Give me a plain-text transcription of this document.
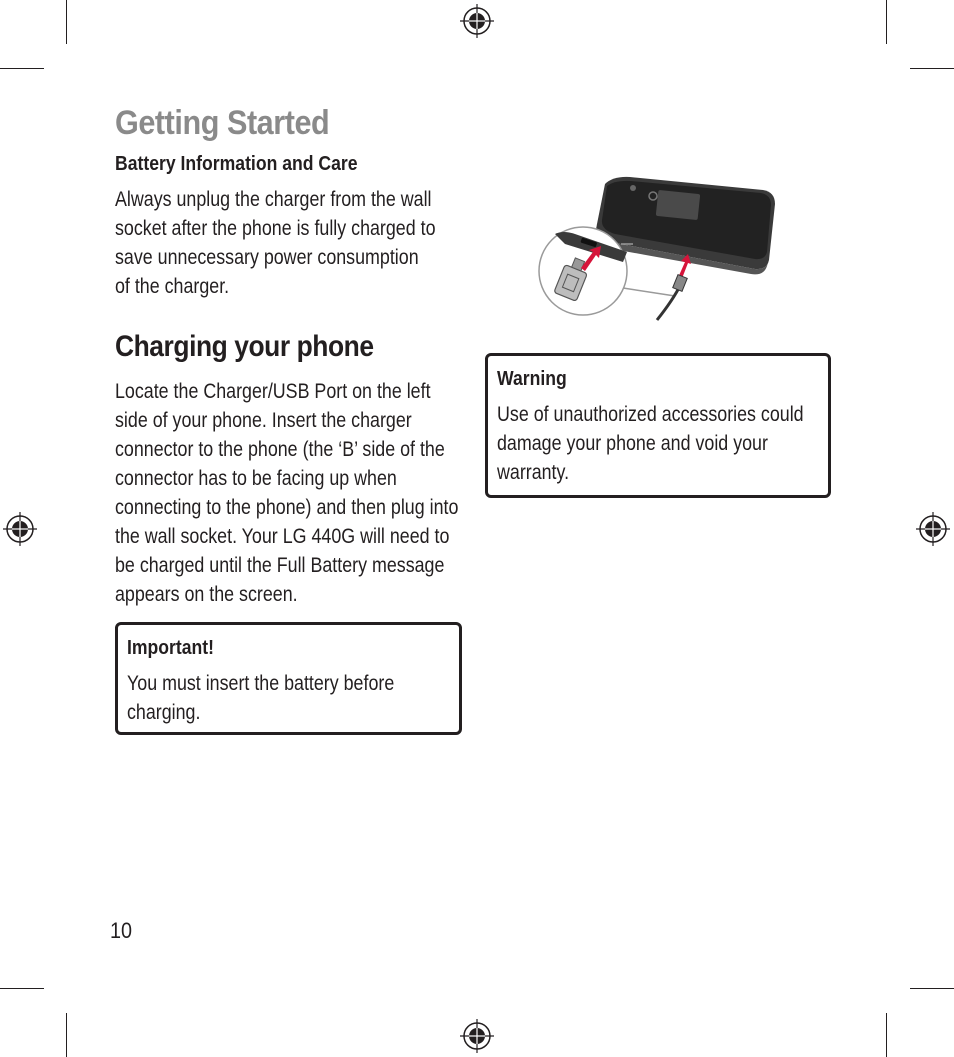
Getting Started
Battery Information and Care
Always unplug the charger from the wall socket after the phone is fully charged to save unnecessary power consumption of the charger.
Charging your phone
Locate the Charger/USB Port on the left side of your phone. Insert the charger connector to the phone (the ‘B’ side of the connector has to be facing up when connecting to the phone) and then plug into the wall socket. Your LG 440G will need to be charged until the Full Battery message appears on the screen.
Important!
You must insert the battery before charging.
Warning
Use of unauthorized accessories could damage your phone and void your warranty.
10
